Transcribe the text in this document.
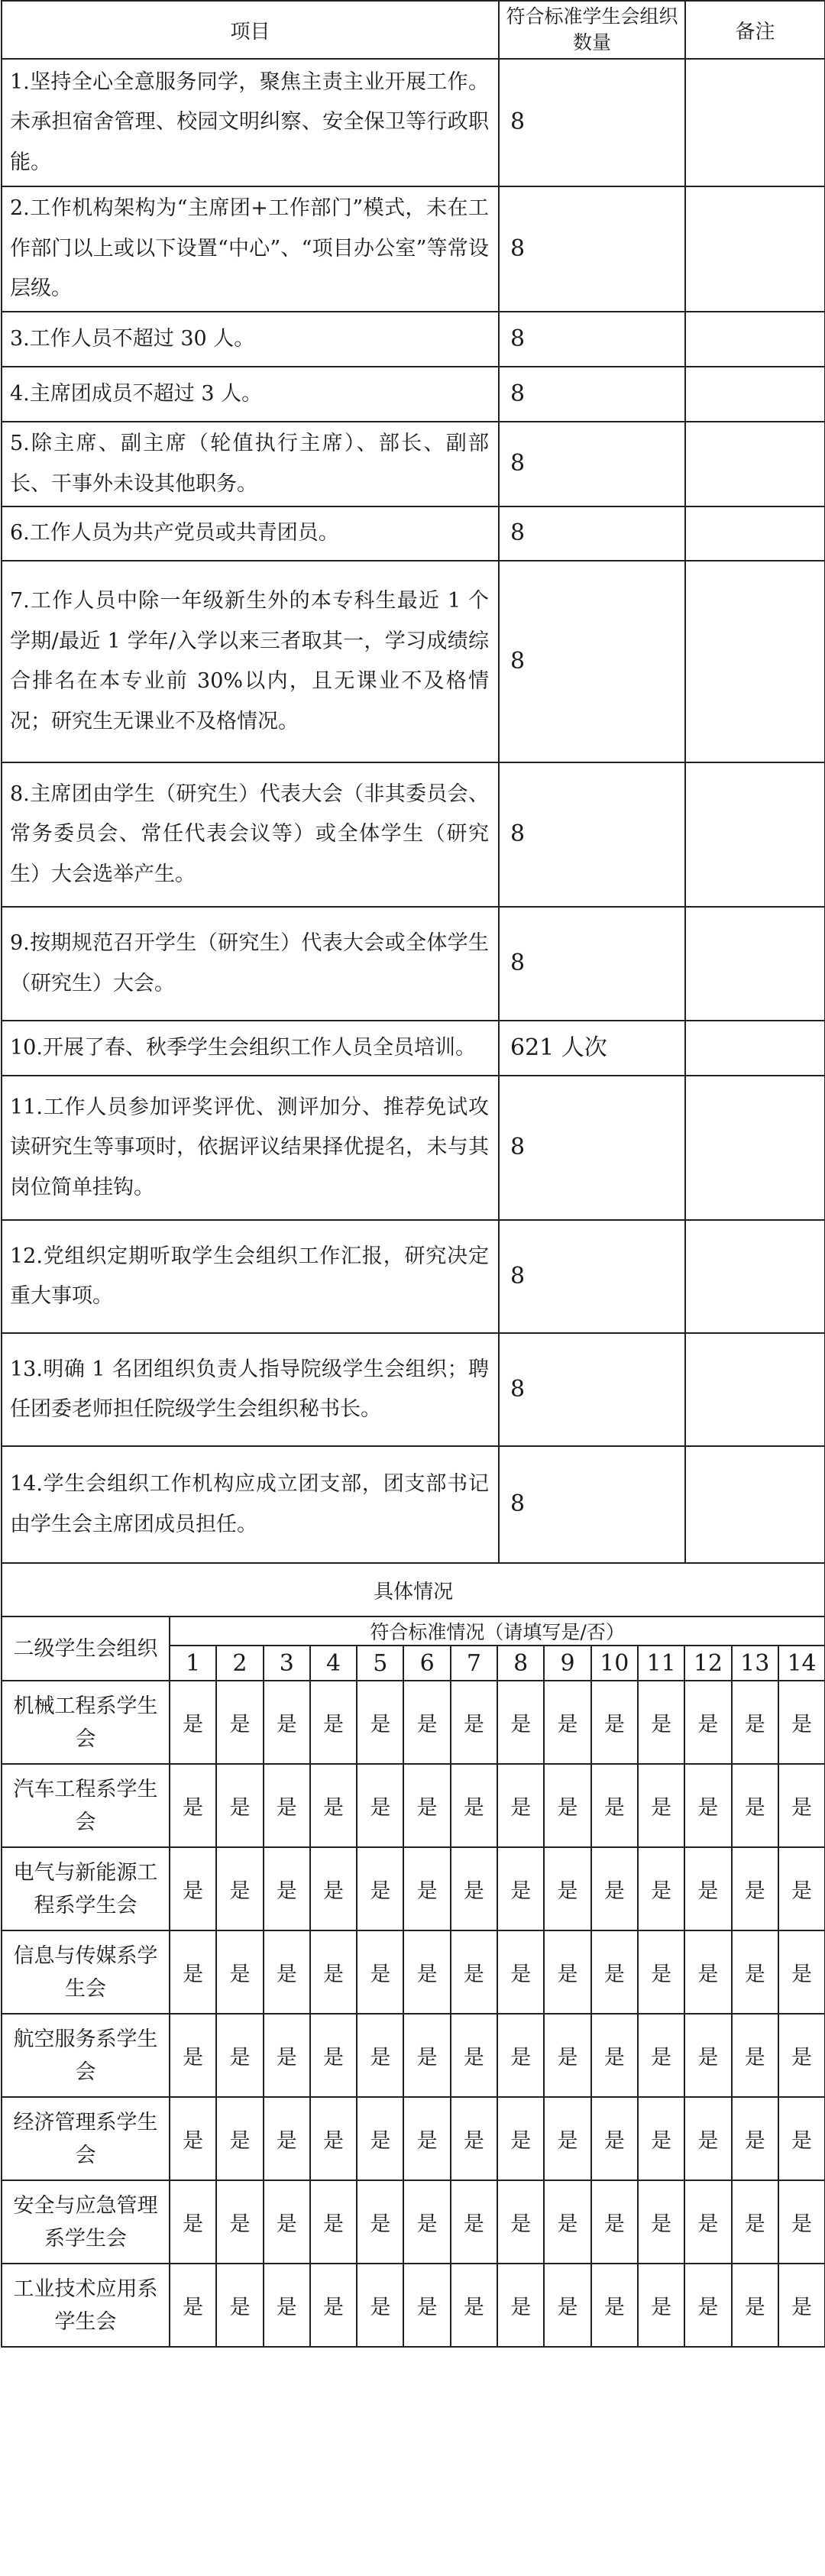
项目	符合标准学生会组织数量	备注
1.坚持全心全意服务同学，聚焦主责主业开展工作。未承担宿舍管理、校园文明纠察、安全保卫等行政职能。	8	
2.工作机构架构为“主席团+工作部门”模式，未在工作部门以上或以下设置“中心”、“项目办公室”等常设层级。	8	
3.工作人员不超过 30 人。	8	
4.主席团成员不超过 3 人。	8	
5.除主席、副主席（轮值执行主席）、部长、副部长、干事外未设其他职务。	8	
6.工作人员为共产党员或共青团员。	8	
7.工作人员中除一年级新生外的本专科生最近 1 个学期/最近 1 学年/入学以来三者取其一，学习成绩综合排名在本专业前 30%以内，且无课业不及格情况；研究生无课业不及格情况。	8	
8.主席团由学生（研究生）代表大会（非其委员会、常务委员会、常任代表会议等）或全体学生（研究生）大会选举产生。	8	
9.按期规范召开学生（研究生）代表大会或全体学生（研究生）大会。	8	
10.开展了春、秋季学生会组织工作人员全员培训。	621 人次	
11.工作人员参加评奖评优、测评加分、推荐免试攻读研究生等事项时，依据评议结果择优提名，未与其岗位简单挂钩。	8	
12.党组织定期听取学生会组织工作汇报，研究决定重大事项。	8	
13.明确 1 名团组织负责人指导院级学生会组织；聘任团委老师担任院级学生会组织秘书长。	8	
14.学生会组织工作机构应成立团支部，团支部书记由学生会主席团成员担任。	8	
具体情况														
二级学生会组织	符合标准情况（请填写是/否）													
	1	2	3	4	5	6	7	8	9	10	11	12	13	14
机械工程系学生会	是	是	是	是	是	是	是	是	是	是	是	是	是	是
汽车工程系学生会	是	是	是	是	是	是	是	是	是	是	是	是	是	是
电气与新能源工程系学生会	是	是	是	是	是	是	是	是	是	是	是	是	是	是
信息与传媒系学生会	是	是	是	是	是	是	是	是	是	是	是	是	是	是
航空服务系学生会	是	是	是	是	是	是	是	是	是	是	是	是	是	是
经济管理系学生会	是	是	是	是	是	是	是	是	是	是	是	是	是	是
安全与应急管理系学生会	是	是	是	是	是	是	是	是	是	是	是	是	是	是
工业技术应用系学生会	是	是	是	是	是	是	是	是	是	是	是	是	是	是
